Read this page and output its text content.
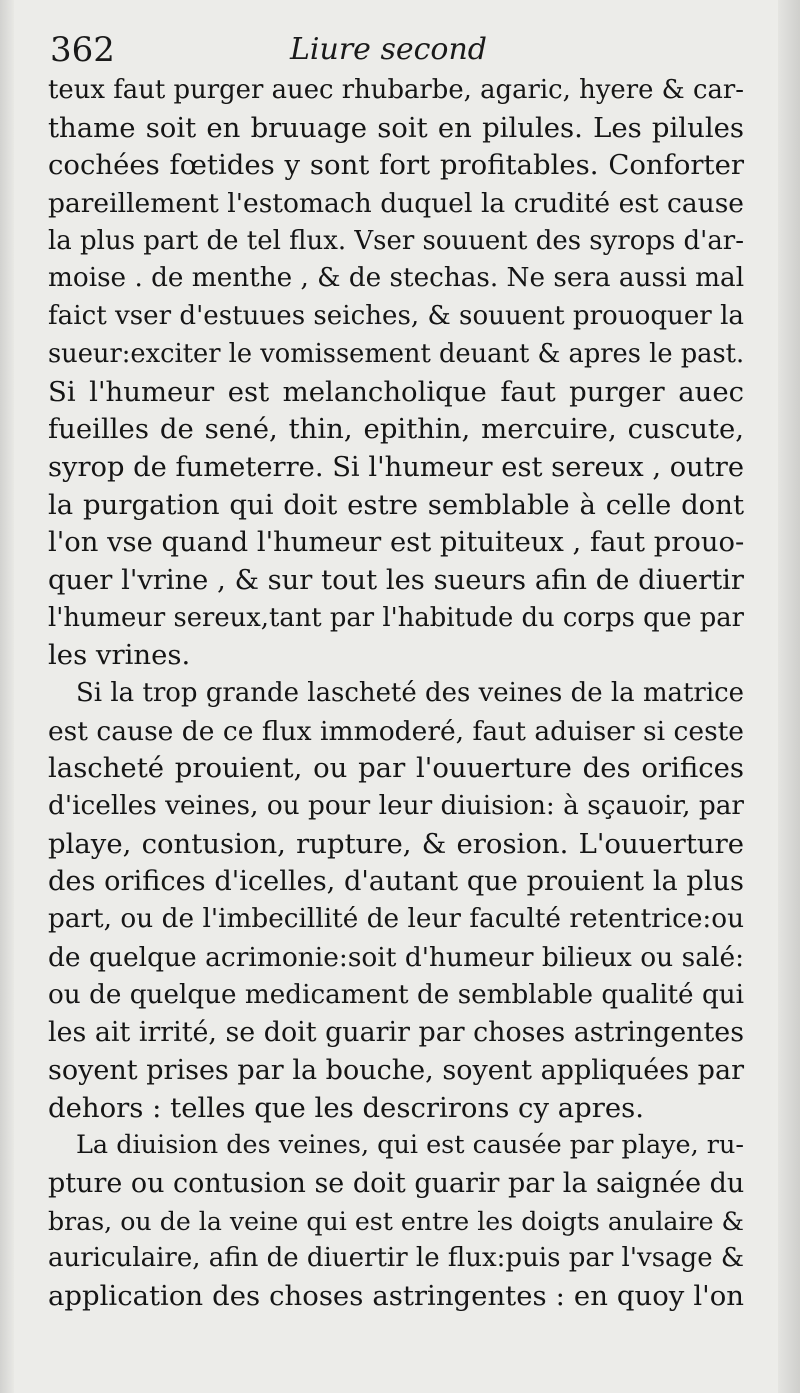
362	Liure second
teux faut purger auec rhubarbe, agaric, hyere & car-
thame soit en bruuage soit en pilules. Les pilules
cochées fœtides y sont fort profitables. Conforter
pareillement l'estomach duquel la crudité est cause
la plus part de tel flux. Vser souuent des syrops d'ar-
moise . de menthe , & de stechas. Ne sera aussi mal
faict vser d'estuues seiches, & souuent prouoquer la
sueur:exciter le vomissement deuant & apres le past.
Si l'humeur est melancholique faut purger auec
fueilles de sené, thin, epithin, mercuire, cuscute,
syrop de fumeterre. Si l'humeur est sereux , outre
la purgation qui doit estre semblable à celle dont
l'on vse quand l'humeur est pituiteux , faut prouo-
quer l'vrine , & sur tout les sueurs afin de diuertir
l'humeur sereux,tant par l'habitude du corps que par
les vrines.
Si la trop grande lascheté des veines de la matrice
est cause de ce flux immoderé, faut aduiser si ceste
lascheté prouient, ou par l'ouuerture des orifices
d'icelles veines, ou pour leur diuision: à sçauoir, par
playe, contusion, rupture, & erosion. L'ouuerture
des orifices d'icelles, d'autant que prouient la plus
part, ou de l'imbecillité de leur faculté retentrice:ou
de quelque acrimonie:soit d'humeur bilieux ou salé:
ou de quelque medicament de semblable qualité qui
les ait irrité, se doit guarir par choses astringentes
soyent prises par la bouche, soyent appliquées par
dehors : telles que les descrirons cy apres.
La diuision des veines, qui est causée par playe, ru-
pture ou contusion se doit guarir par la saignée du
bras, ou de la veine qui est entre les doigts anulaire &
auriculaire, afin de diuertir le flux:puis par l'vsage &
application des choses astringentes : en quoy l'on
